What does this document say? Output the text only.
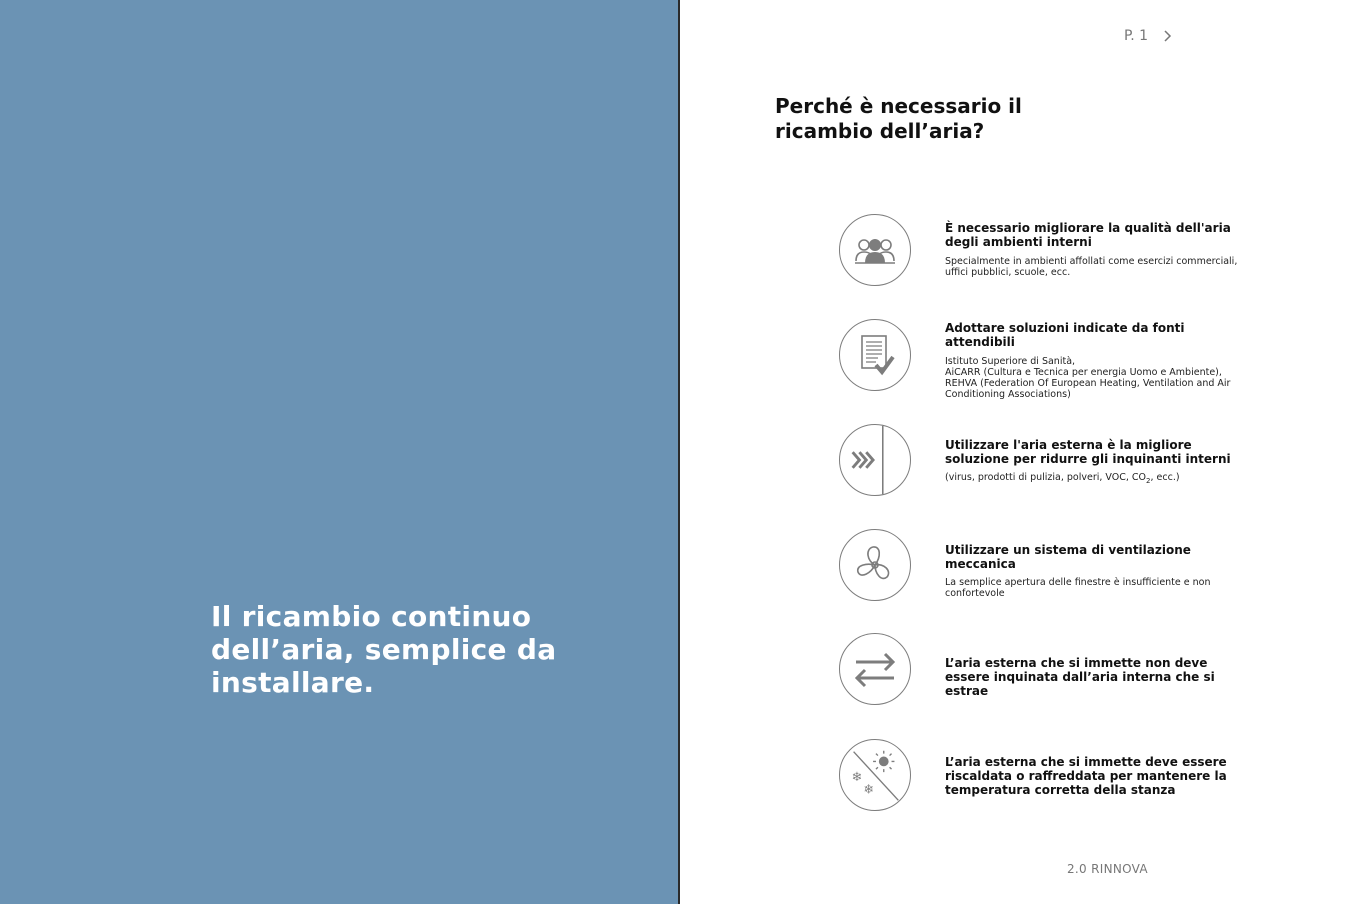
Il ricambio continuo dell’aria, semplice da installare.
P. 1
Perché è necessario il ricambio dell’aria?
È necessario migliorare la qualità dell'aria degli ambienti interni
Specialmente in ambienti affollati come esercizi commerciali, uffici pubblici, scuole, ecc.
Adottare soluzioni indicate da fonti attendibili
Istituto Superiore di Sanità,
AiCARR (Cultura e Tecnica per energia Uomo e Ambiente),
REHVA (Federation Of European Heating, Ventilation and Air Conditioning Associations)
Utilizzare l'aria esterna è la migliore soluzione per ridurre gli inquinanti interni
(virus, prodotti di pulizia, polveri, VOC, $CO_2$, ecc.)
Utilizzare un sistema di ventilazione meccanica
La semplice apertura delle finestre è insufficiente e non confortevole
L’aria esterna che si immette non deve essere inquinata dall’aria interna che si estrae
❄
❄
L’aria esterna che si immette deve essere riscaldata o raffreddata per mantenere la temperatura corretta della stanza
2.0 RINNOVA
